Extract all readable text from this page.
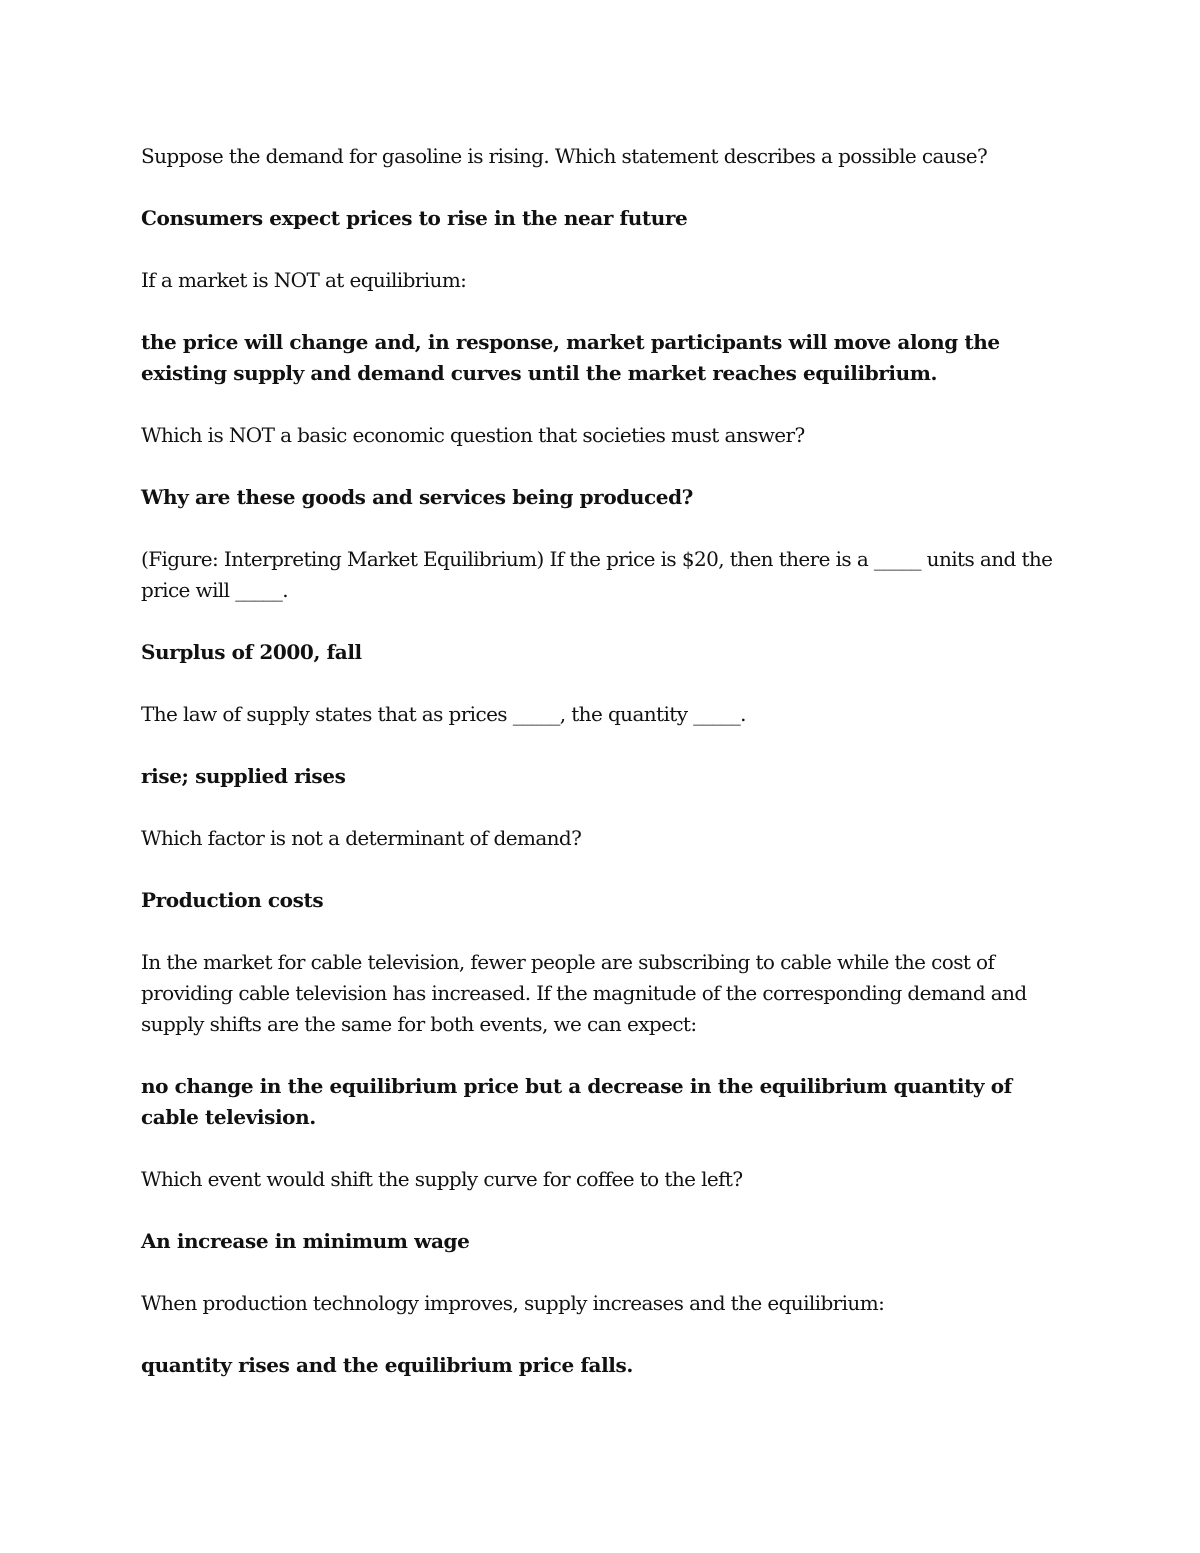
Suppose the demand for gasoline is rising. Which statement describes a possible cause?

Consumers expect prices to rise in the near future

If a market is NOT at equilibrium:

the price will change and, in response, market participants will move along the existing supply and demand curves until the market reaches equilibrium.

Which is NOT a basic economic question that societies must answer?

Why are these goods and services being produced?

(Figure: Interpreting Market Equilibrium) If the price is $20, then there is a _____ units and the price will _____.

Surplus of 2000, fall

The law of supply states that as prices _____, the quantity _____.

rise; supplied rises

Which factor is not a determinant of demand?

Production costs

In the market for cable television, fewer people are subscribing to cable while the cost of providing cable television has increased. If the magnitude of the corresponding demand and supply shifts are the same for both events, we can expect:

no change in the equilibrium price but a decrease in the equilibrium quantity of cable television.

Which event would shift the supply curve for coffee to the left?

An increase in minimum wage

When production technology improves, supply increases and the equilibrium:

quantity rises and the equilibrium price falls.
